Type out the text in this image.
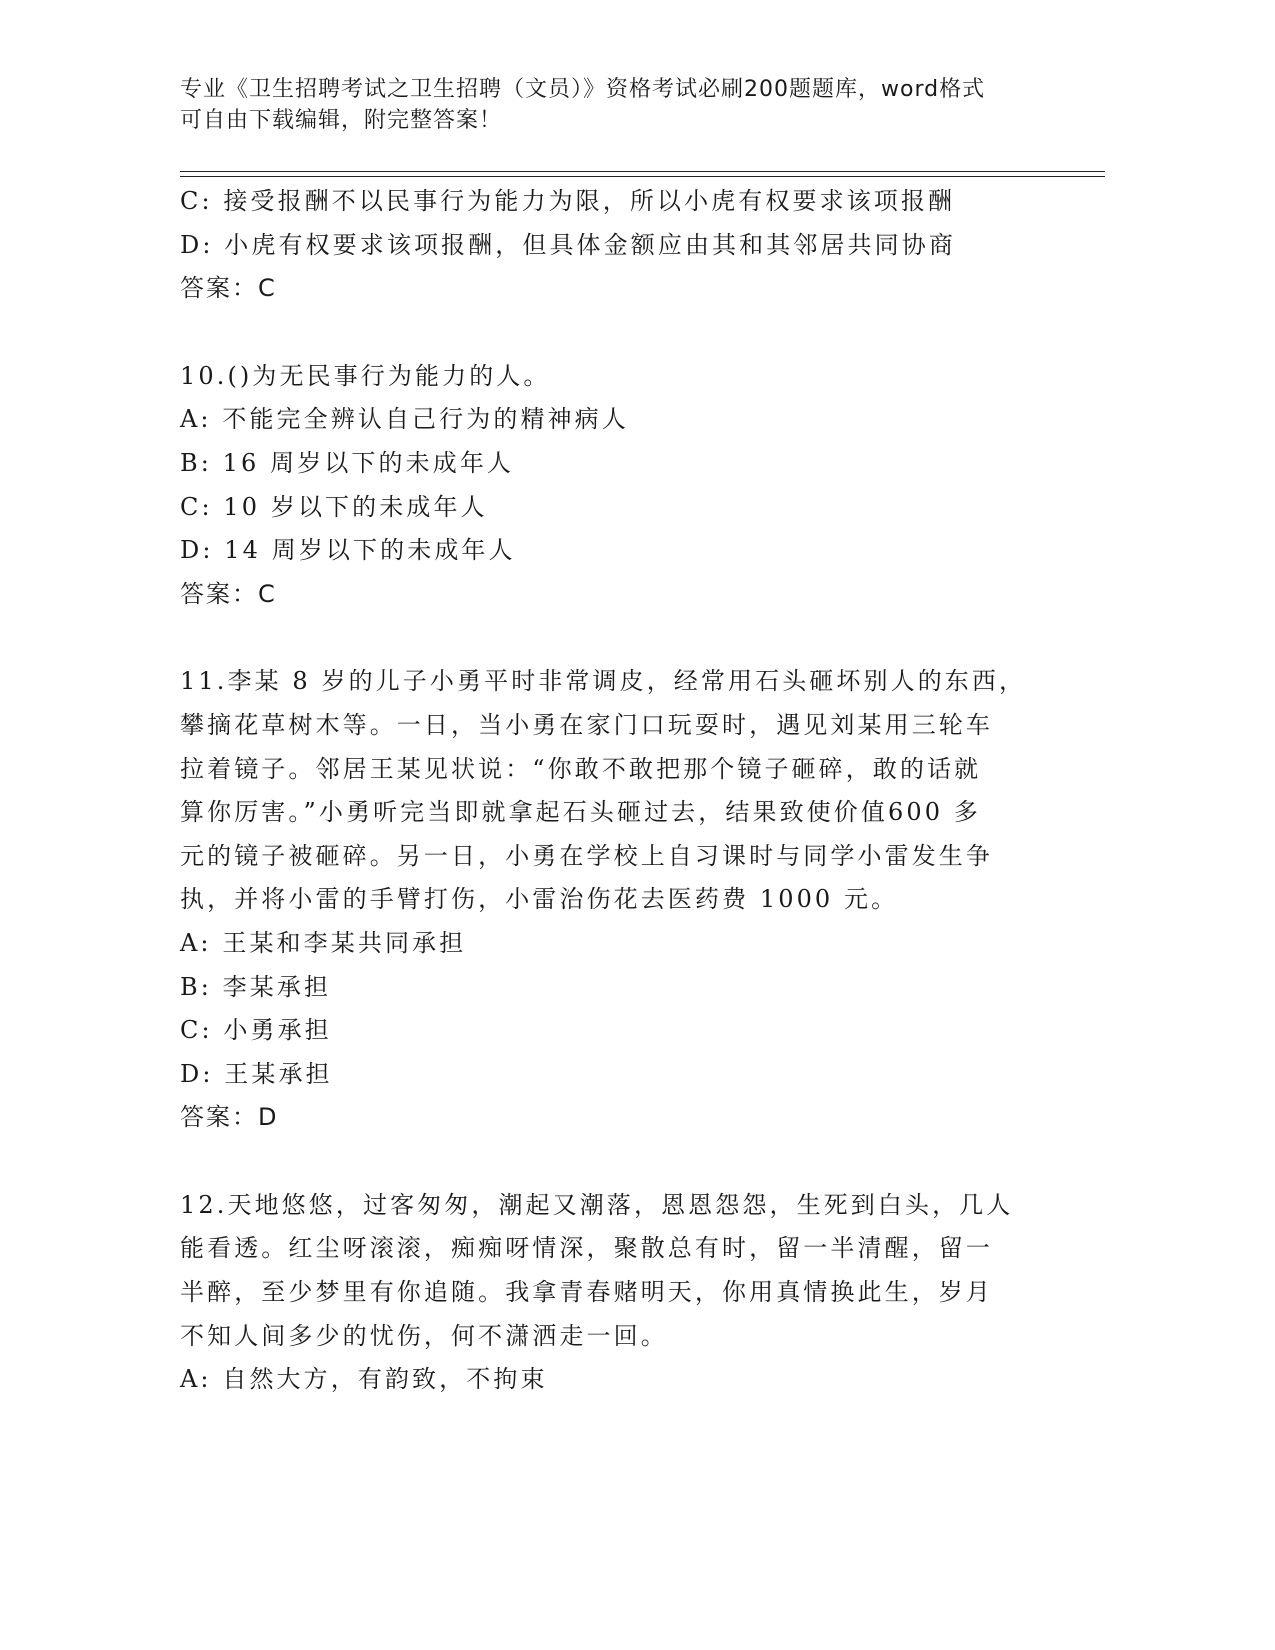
专业《卫生招聘考试之卫生招聘（文员）》资格考试必刷200题题库，word格式
可自由下载编辑，附完整答案！
C: 接受报酬不以民事行为能力为限，所以小虎有权要求该项报酬
D: 小虎有权要求该项报酬，但具体金额应由其和其邻居共同协商
答案：C
10.()为无民事行为能力的人。
A: 不能完全辨认自己行为的精神病人
B: 16 周岁以下的未成年人
C: 10 岁以下的未成年人
D: 14 周岁以下的未成年人
答案：C
11.李某 8 岁的儿子小勇平时非常调皮，经常用石头砸坏别人的东西，
攀摘花草树木等。一日，当小勇在家门口玩耍时，遇见刘某用三轮车
拉着镜子。邻居王某见状说：“你敢不敢把那个镜子砸碎，敢的话就
算你厉害。”小勇听完当即就拿起石头砸过去，结果致使价值600 多
元的镜子被砸碎。另一日，小勇在学校上自习课时与同学小雷发生争
执，并将小雷的手臂打伤，小雷治伤花去医药费 1000 元。
A: 王某和李某共同承担
B: 李某承担
C: 小勇承担
D: 王某承担
答案：D
12.天地悠悠，过客匆匆，潮起又潮落，恩恩怨怨，生死到白头，几人
能看透。红尘呀滚滚，痴痴呀情深，聚散总有时，留一半清醒，留一
半醉，至少梦里有你追随。我拿青春赌明天，你用真情换此生，岁月
不知人间多少的忧伤，何不潇洒走一回。
A: 自然大方，有韵致，不拘束
